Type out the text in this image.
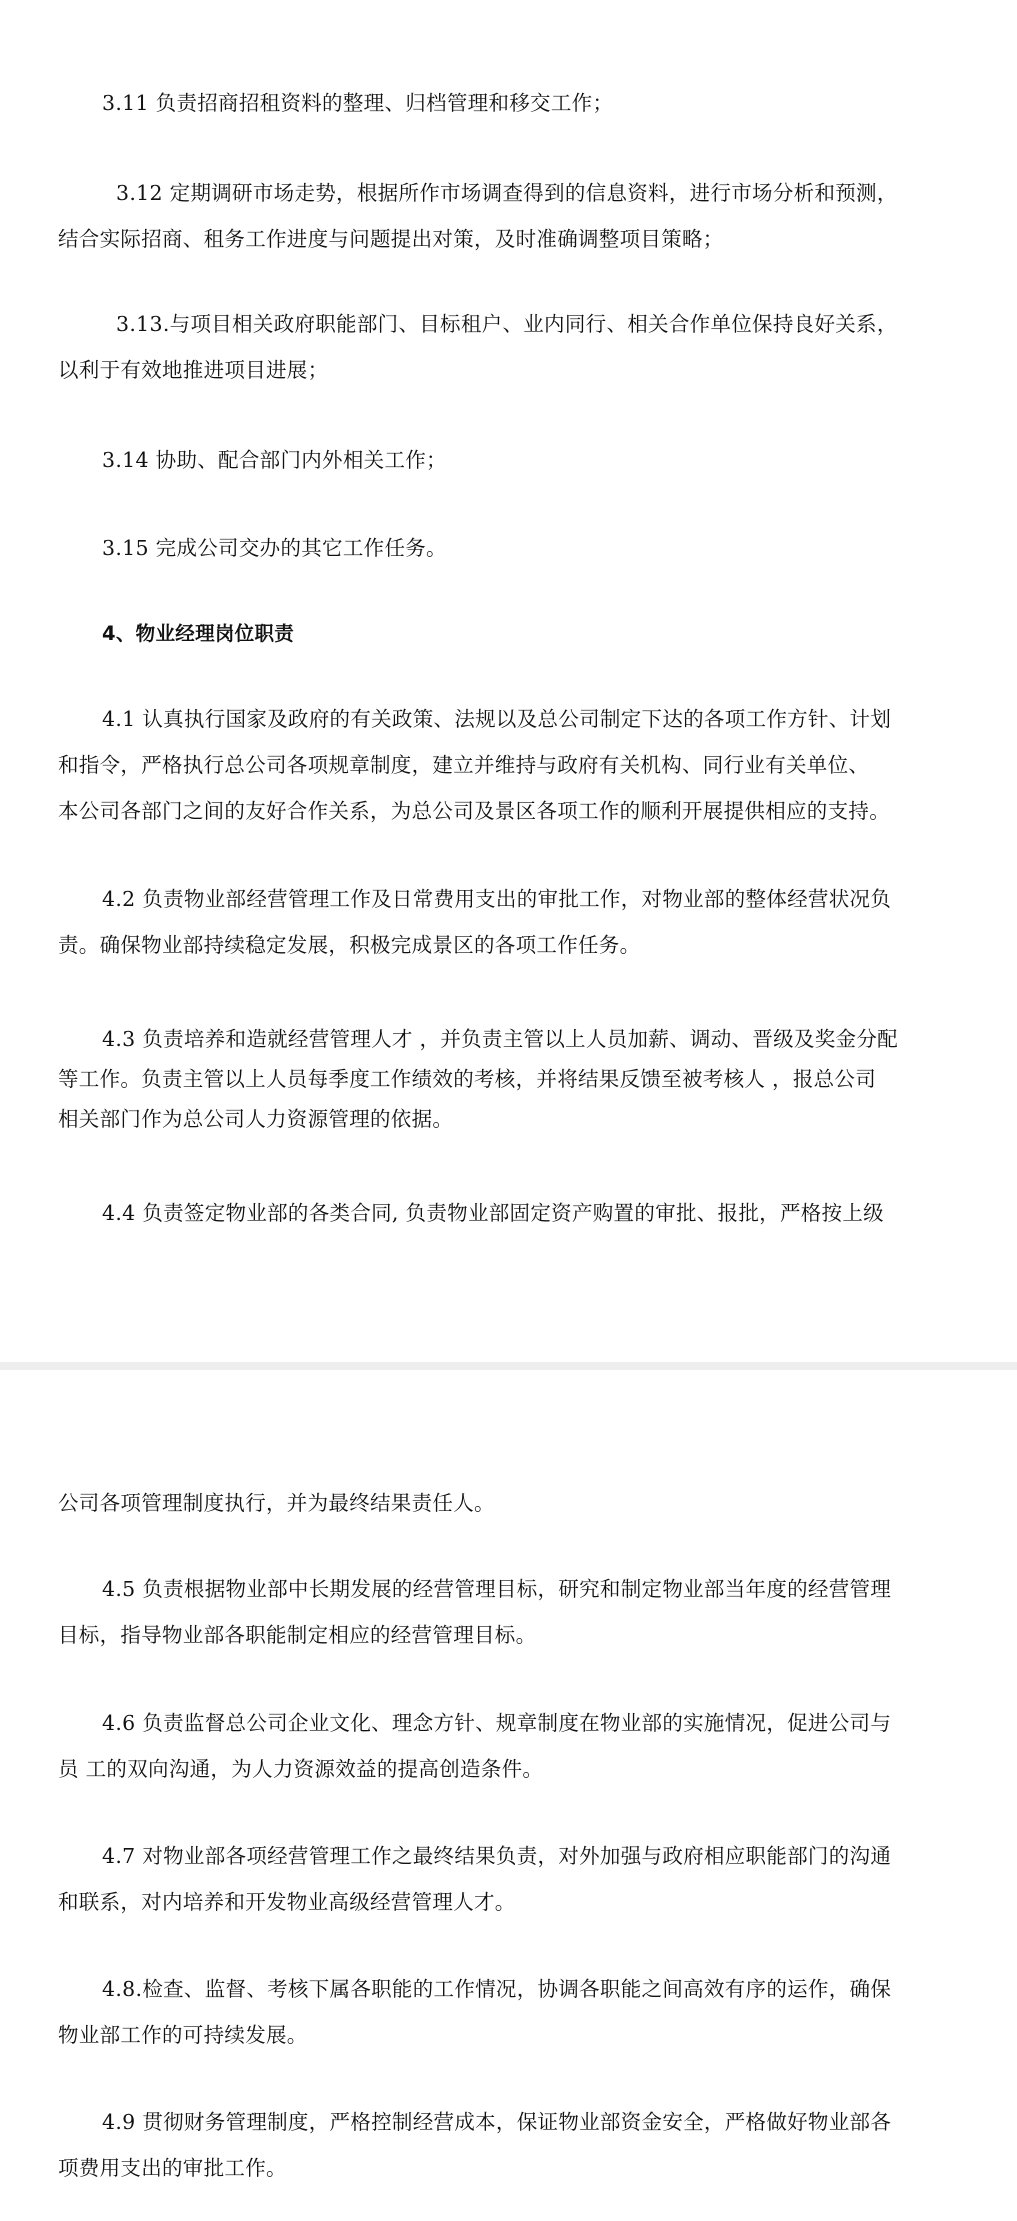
3.11 负责招商招租资料的整理、归档管理和移交工作；
3.12 定期调研市场走势，根据所作市场调查得到的信息资料，进行市场分析和预测，
结合实际招商、租务工作进度与问题提出对策，及时准确调整项目策略；
3.13.与项目相关政府职能部门、目标租户、业内同行、相关合作单位保持良好关系，
以利于有效地推进项目进展；
3.14 协助、配合部门内外相关工作；
3.15 完成公司交办的其它工作任务。
4、物业经理岗位职责
4.1 认真执行国家及政府的有关政策、法规以及总公司制定下达的各项工作方针、计划
和指令，严格执行总公司各项规章制度，建立并维持与政府有关机构、同行业有关单位、
本公司各部门之间的友好合作关系，为总公司及景区各项工作的顺利开展提供相应的支持。
4.2 负责物业部经营管理工作及日常费用支出的审批工作，对物业部的整体经营状况负
责。确保物业部持续稳定发展，积极完成景区的各项工作任务。
4.3 负责培养和造就经营管理人才 ，并负责主管以上人员加薪、调动、晋级及奖金分配
等工作。负责主管以上人员每季度工作绩效的考核，并将结果反馈至被考核人 ，报总公司
相关部门作为总公司人力资源管理的依据。
4.4 负责签定物业部的各类合同, 负责物业部固定资产购置的审批、报批，严格按上级
公司各项管理制度执行，并为最终结果责任人。
4.5 负责根据物业部中长期发展的经营管理目标，研究和制定物业部当年度的经营管理
目标，指导物业部各职能制定相应的经营管理目标。
4.6 负责监督总公司企业文化、理念方针、规章制度在物业部的实施情况，促进公司与
员 工的双向沟通，为人力资源效益的提高创造条件。
4.7 对物业部各项经营管理工作之最终结果负责，对外加强与政府相应职能部门的沟通
和联系，对内培养和开发物业高级经营管理人才。
4.8.检查、监督、考核下属各职能的工作情况，协调各职能之间高效有序的运作，确保
物业部工作的可持续发展。
4.9 贯彻财务管理制度，严格控制经营成本，保证物业部资金安全，严格做好物业部各
项费用支出的审批工作。
